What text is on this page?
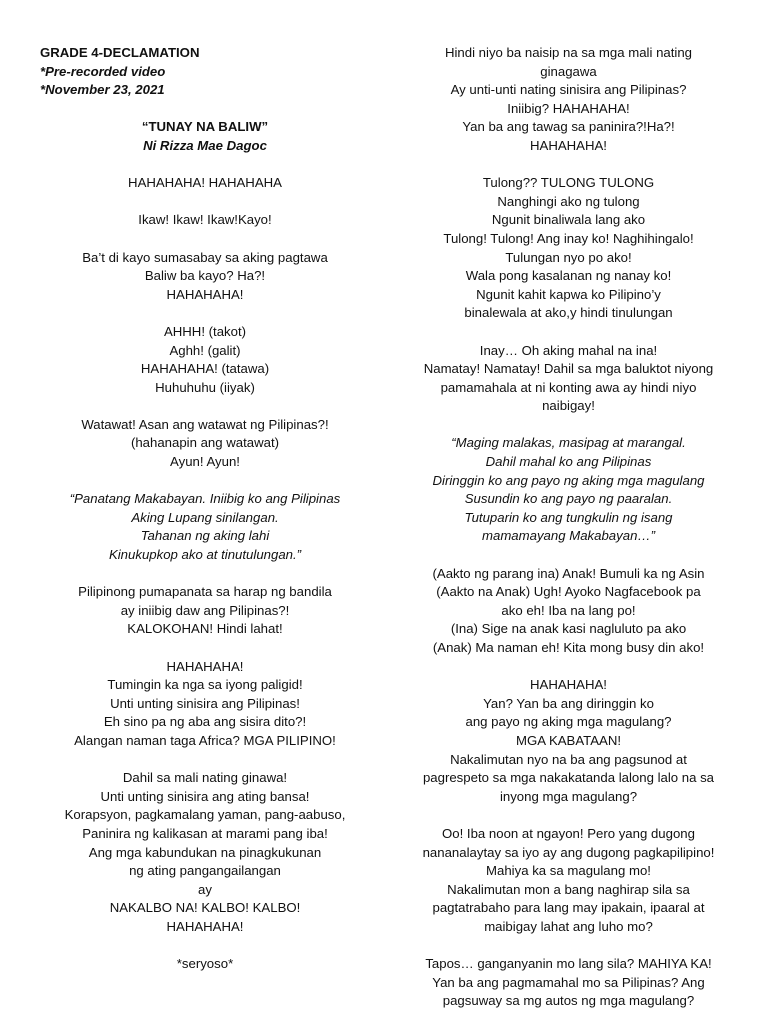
GRADE 4-DECLAMATION
*Pre-recorded video
*November 23, 2021
“TUNAY NA BALIW”
Ni Rizza Mae Dagoc
HAHAHAHA! HAHAHAHA
Ikaw! Ikaw! Ikaw!Kayo!
Ba’t di kayo sumasabay sa aking pagtawa
Baliw ba kayo? Ha?!
HAHAHAHA!
AHHH! (takot)
Aghh! (galit)
HAHAHAHA! (tatawa)
Huhuhuhu (iiyak)
Watawat! Asan ang watawat ng Pilipinas?!
(hahanapin ang watawat)
Ayun! Ayun!
“Panatang Makabayan. Iniibig ko ang Pilipinas
Aking Lupang sinilangan.
Tahanan ng aking lahi
Kinukupkop ako at tinutulungan.”
Pilipinong pumapanata sa harap ng bandila
ay iniibig daw ang Pilipinas?!
KALOKOHAN! Hindi lahat!
HAHAHAHA!
Tumingin ka nga sa iyong paligid!
Unti unting sinisira ang Pilipinas!
Eh sino pa ng aba ang sisira dito?!
Alangan naman taga Africa? MGA PILIPINO!
Dahil sa mali nating ginawa!
Unti unting sinisira ang ating bansa!
Korapsyon, pagkamalang yaman, pang-aabuso,
Paninira ng kalikasan at marami pang iba!
Ang mga kabundukan na pinagkukunan
ng ating pangangailangan
ay
NAKALBO NA! KALBO! KALBO!
HAHAHAHA!
*seryoso*
Hindi niyo ba naisip na sa mga mali nating
ginagawa
Ay unti-unti nating sinisira ang Pilipinas?
Iniibig? HAHAHAHA!
Yan ba ang tawag sa paninira?!Ha?!
HAHAHAHA!
Tulong?? TULONG TULONG
Nanghingi ako ng tulong
Ngunit binaliwala lang ako
Tulong! Tulong! Ang inay ko! Naghihingalo!
Tulungan nyo po ako!
Wala pong kasalanan ng nanay ko!
Ngunit kahit kapwa ko Pilipino’y
binalewala at ako,y hindi tinulungan
Inay… Oh aking mahal na ina!
Namatay! Namatay! Dahil sa mga baluktot niyong
pamamahala at ni konting awa ay hindi niyo
naibigay!
“Maging malakas, masipag at marangal.
Dahil mahal ko ang Pilipinas
Diringgin ko ang payo ng aking mga magulang
Susundin ko ang payo ng paaralan.
Tutuparin ko ang tungkulin ng isang
mamamayang Makabayan…”
(Aakto ng parang ina) Anak! Bumuli ka ng Asin
(Aakto na Anak) Ugh! Ayoko Nagfacebook pa
ako eh! Iba na lang po!
(Ina) Sige na anak kasi nagluluto pa ako
(Anak) Ma naman eh! Kita mong busy din ako!
HAHAHAHA!
Yan? Yan ba ang diringgin ko
ang payo ng aking mga magulang?
MGA KABATAAN!
Nakalimutan nyo na ba ang pagsunod at
pagrespeto sa mga nakakatanda lalong lalo na sa
inyong mga magulang?
Oo! Iba noon at ngayon! Pero yang dugong
nananalaytay sa iyo ay ang dugong pagkapilipino!
Mahiya ka sa magulang mo!
Nakalimutan mon a bang naghirap sila sa
pagtatrabaho para lang may ipakain, ipaaral at
maibigay lahat ang luho mo?
Tapos… ganganyanin mo lang sila? MAHIYA KA!
Yan ba ang pagmamahal mo sa Pilipinas? Ang
pagsuway sa mg autos ng mga magulang?
